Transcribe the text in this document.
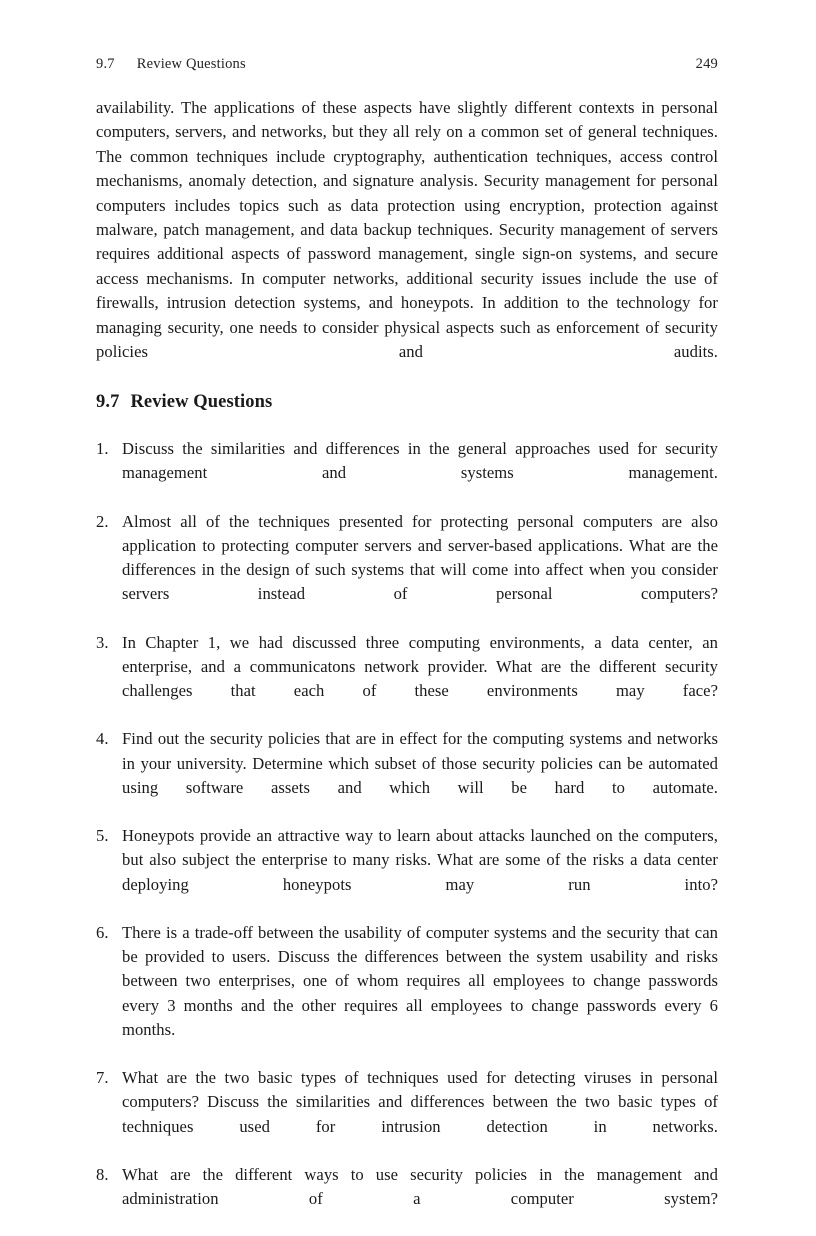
9.7 Review Questions	249

availability. The applications of these aspects have slightly different contexts in personal computers, servers, and networks, but they all rely on a common set of general techniques. The common techniques include cryptography, authentication techniques, access control mechanisms, anomaly detection, and signature analysis. Security management for personal computers includes topics such as data protection using encryption, protection against malware, patch management, and data backup techniques. Security management of servers requires additional aspects of password management, single sign-on systems, and secure access mechanisms. In computer networks, additional security issues include the use of firewalls, intrusion detection systems, and honeypots. In addition to the technology for managing security, one needs to consider physical aspects such as enforcement of security policies and audits.

9.7 Review Questions
1. Discuss the similarities and differences in the general approaches used for security management and systems management.
2. Almost all of the techniques presented for protecting personal computers are also application to protecting computer servers and server-based applications. What are the differences in the design of such systems that will come into affect when you consider servers instead of personal computers?
3. In Chapter 1, we had discussed three computing environments, a data center, an enterprise, and a communicatons network provider. What are the different security challenges that each of these environments may face?
4. Find out the security policies that are in effect for the computing systems and networks in your university. Determine which subset of those security policies can be automated using software assets and which will be hard to automate.
5. Honeypots provide an attractive way to learn about attacks launched on the computers, but also subject the enterprise to many risks. What are some of the risks a data center deploying honeypots may run into?
6. There is a trade-off between the usability of computer systems and the security that can be provided to users. Discuss the differences between the system usability and risks between two enterprises, one of whom requires all employees to change passwords every 3 months and the other requires all employees to change passwords every 6 months.
7. What are the two basic types of techniques used for detecting viruses in personal computers? Discuss the similarities and differences between the two basic types of techniques used for intrusion detection in networks.
8. What are the different ways to use security policies in the management and administration of a computer system?
